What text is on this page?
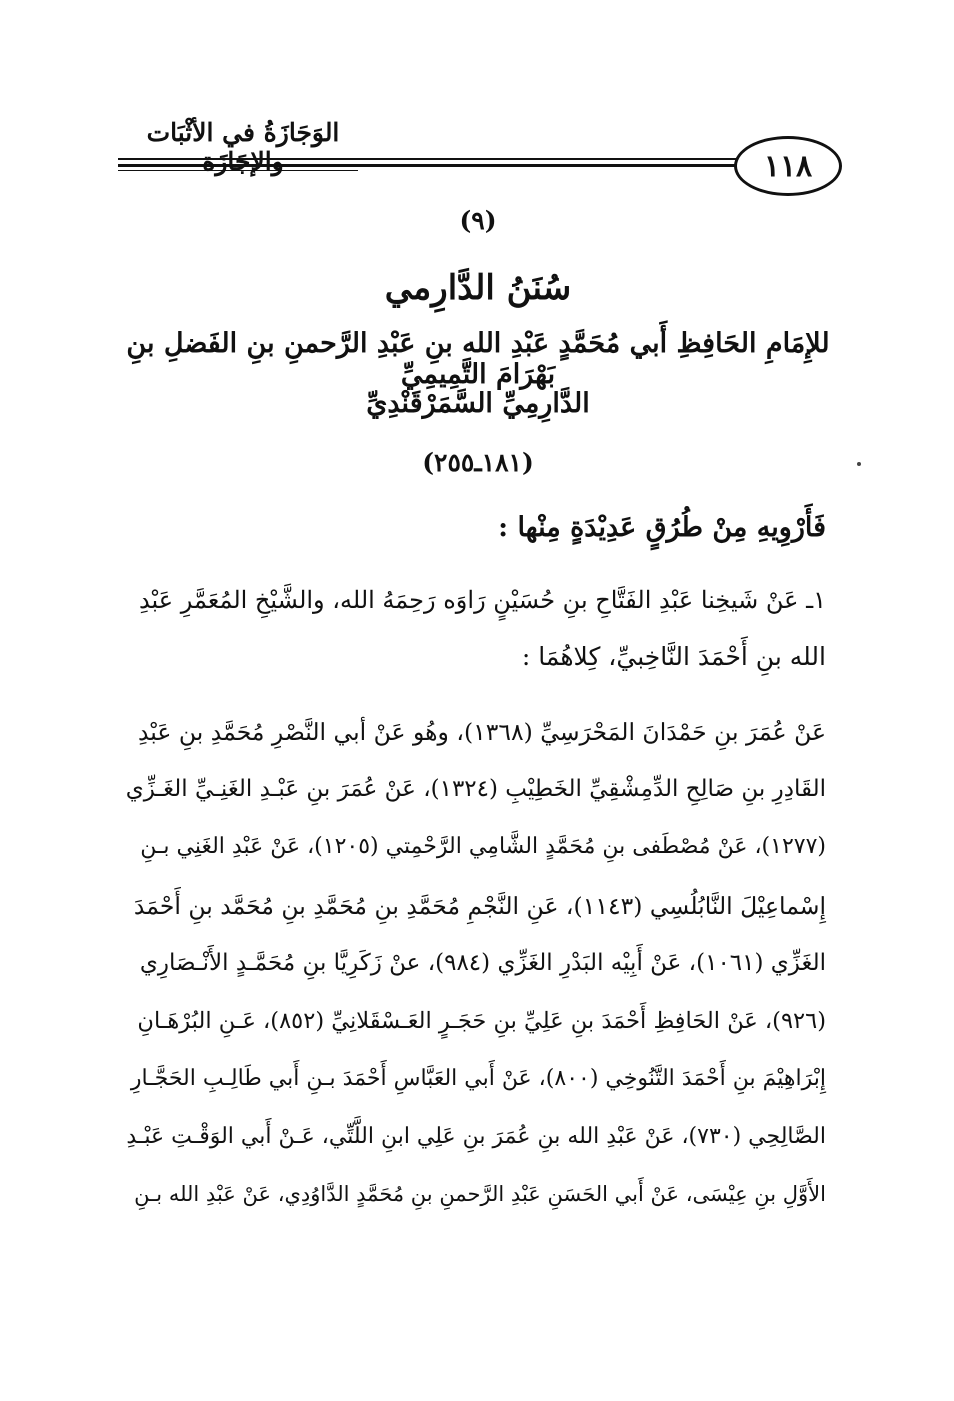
الوَجَازَةُ في الأثْبَات والإجَازَة	١١٨
(٩)
سُنَنُ الدَّارِمي
للإِمَامِ الحَافِظِ أَبي مُحَمَّدٍ عَبْدِ الله بنِ عَبْدِ الرَّحمنِ بنِ الفَضلِ بنِ بَهْرَامَ التَّمِيمِيِّ
الدَّارِمِيِّ السَّمَرْقَنْدِيِّ
(١٨١ـ٢٥٥)
فَأَرْوِيهِ مِنْ طُرُقٍ عَدِيْدَةٍ مِنْها :
١ـ عَنْ شَيخِنا عَبْدِ الفَتَّاحِ بنِ حُسَيْنٍ رَاوَه رَحِمَهُ الله، والشَّيْخِ المُعَمَّرِ عَبْدِ
الله بنِ أَحْمَدَ النَّاخِبيِّ، كِلاهُمَا :
عَنْ عُمَرَ بنِ حَمْدَانَ المَحْرَسِيِّ (١٣٦٨)، وهُو عَنْ أبي النَّصْرِ مُحَمَّدِ بنِ عَبْدِ
القَادِرِ بنِ صَالِحِ الدِّمِشْقِيِّ الخَطِيْبِ (١٣٢٤)، عَنْ عُمَرَ بنِ عَبْـدِ الغَنِـيِّ الغَـزِّي
(١٢٧٧)، عَنْ مُصْطَفى بنِ مُحَمَّدٍ الشَّامِي الرَّحْمِتي (١٢٠٥)، عَنْ عَبْدِ الغَنِي بـنِ
إِسْماعِيْلَ النَّابُلُسِي (١١٤٣)، عَنِ النَّجْمِ مُحَمَّدِ بنِ مُحَمَّدِ بنِ مُحَمَّد بنِ أَحْمَدَ
الغَزِّي (١٠٦١)، عَنْ أَبِيْه البَدْرِ الغَزِّي (٩٨٤)، عنْ زَكَرِيَّا بنِ مُحَمَّـدٍ الأَنْـصَارِي
(٩٢٦)، عَنْ الحَافِظِ أَحْمَدَ بنِ عَلِيِّ بنِ حَجَـرٍ العَـسْقَلانِيِّ (٨٥٢)، عَـنِ البُرْهَـانِ
إِبْرَاهِيْمَ بنِ أَحْمَدَ التَّنُوخِي (٨٠٠)، عَنْ أَبي العَبَّاسِ أَحْمَدَ بـنِ أَبي طَالِـبِ الحَجَّـارِ
الصَّالِحِي (٧٣٠)، عَنْ عَبْدِ الله بنِ عُمَرَ بنِ عَلِي ابنِ اللَّتِّي، عَـنْ أَبي الوَقْـتِ عَبْـدِ
الأَوَّلِ بنِ عِيْسَى، عَنْ أَبي الحَسَنِ عَبْدِ الرَّحمنِ بنِ مُحَمَّدٍ الدَّاوُدِي، عَنْ عَبْدِ الله بـنِ
